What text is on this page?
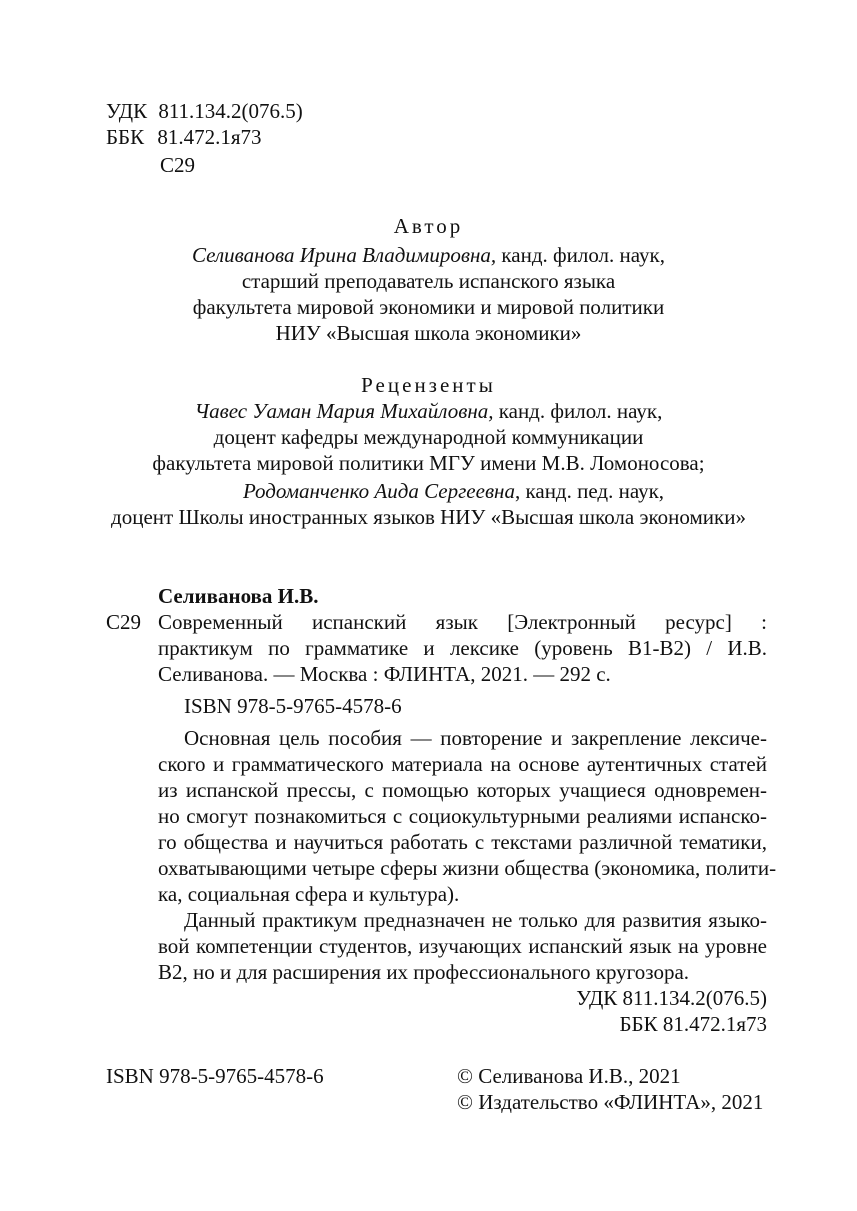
УДК 811.134.2(076.5)
ББК 81.472.1я73
С29
Автор
Селиванова Ирина Владимировна, канд. филол. наук,
старший преподаватель испанского языка
факультета мировой экономики и мировой политики
НИУ «Высшая школа экономики»
Рецензенты
Чавес Уаман Мария Михайловна, канд. филол. наук,
доцент кафедры международной коммуникации
факультета мировой политики МГУ имени М.В. Ломоносова;
Родоманченко Аида Сергеевна, канд. пед. наук,
доцент Школы иностранных языков НИУ «Высшая школа экономики»
Селиванова И.В.
С29 Современный испанский язык [Электронный ресурс] :
практикум по грамматике и лексике (уровень В1-В2) / И.В.
Селиванова. — Москва : ФЛИНТА, 2021. — 292 с.
ISBN 978-5-9765-4578-6
Основная цель пособия — повторение и закрепление лексиче-
ского и грамматического материала на основе аутентичных статей
из испанской прессы, с помощью которых учащиеся одновремен-
но смогут познакомиться с социокультурными реалиями испанско-
го общества и научиться работать с текстами различной тематики,
охватывающими четыре сферы жизни общества (экономика, полити-
ка, социальная сфера и культура).
Данный практикум предназначен не только для развития языко-
вой компетенции студентов, изучающих испанский язык на уровне
В2, но и для расширения их профессионального кругозора.
УДК 811.134.2(076.5)
ББК 81.472.1я73
ISBN 978-5-9765-4578-6	© Селиванова И.В., 2021
© Издательство «ФЛИНТА», 2021
